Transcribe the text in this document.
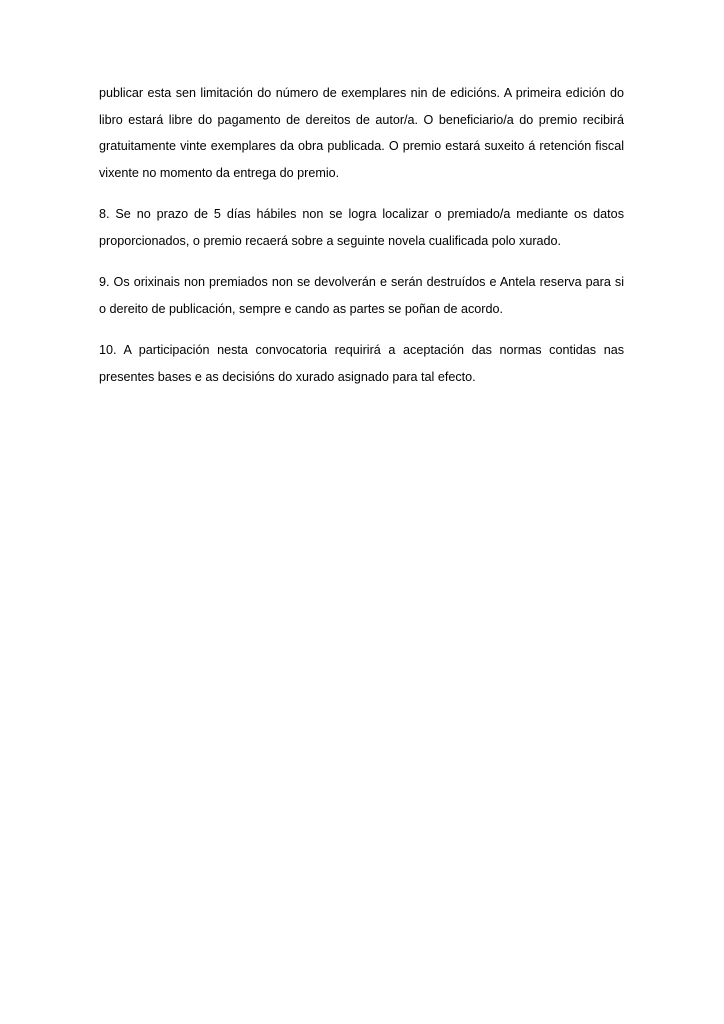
publicar esta sen limitación do número de exemplares nin de edicións. A primeira edición do libro estará libre do pagamento de dereitos de autor/a. O beneficiario/a do premio recibirá gratuitamente vinte exemplares da obra publicada. O premio estará suxeito á retención fiscal vixente no momento da entrega do premio.

8. Se no prazo de 5 días hábiles non se logra localizar o premiado/a mediante os datos proporcionados, o premio recaerá sobre a seguinte novela cualificada polo xurado.

9. Os orixinais non premiados non se devolverán e serán destruídos e Antela reserva para si o dereito de publicación, sempre e cando as partes se poñan de acordo.

10. A participación nesta convocatoria requirirá a aceptación das normas contidas nas presentes bases e as decisións do xurado asignado para tal efecto.
